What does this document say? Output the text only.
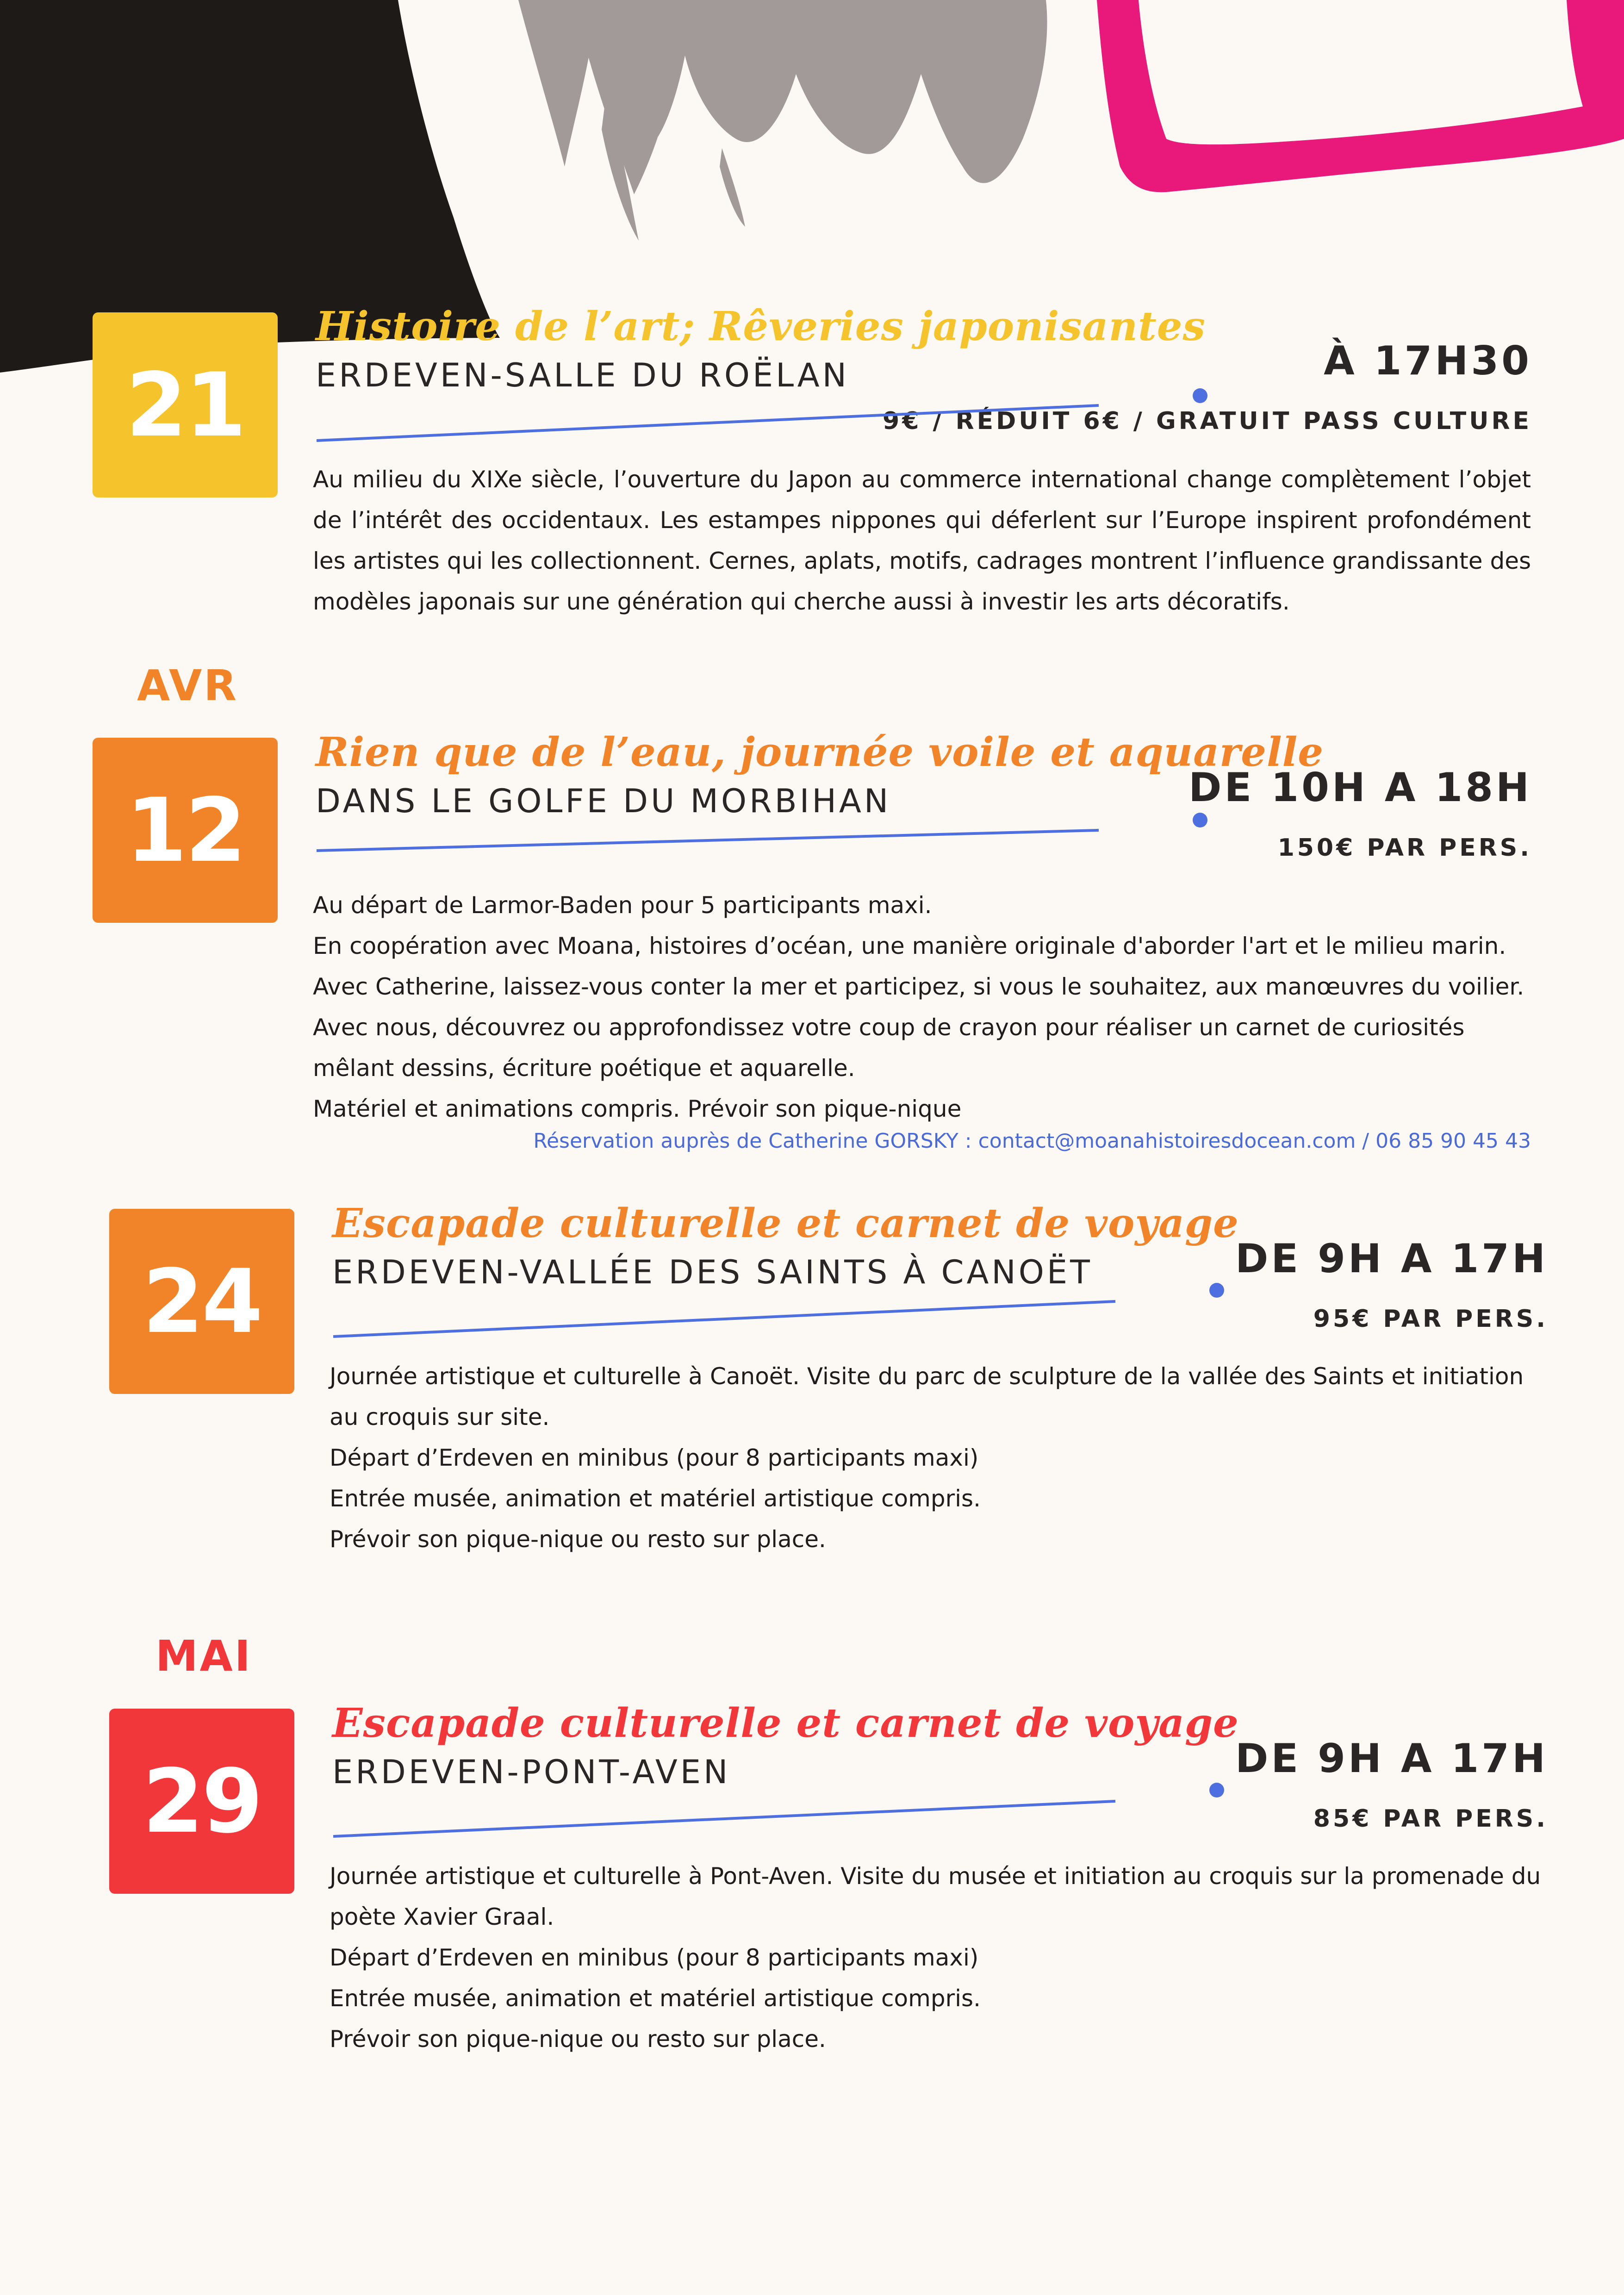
AVR
MAI
21
Histoire de l’art; Rêveries japonisantes
ERDEVEN-SALLE DU ROËLAN	À 17H30
9€ / RÉDUIT 6€ / GRATUIT PASS CULTURE

Au milieu du XIXe siècle, l’ouverture du Japon au commerce international change complètement l’objet de l’intérêt des occidentaux. Les estampes nippones qui déferlent sur l’Europe inspirent profondément les artistes qui les collectionnent. Cernes, aplats, motifs, cadrages montrent l’influence grandissante des modèles japonais sur une génération qui cherche aussi à investir les arts décoratifs.

12
Rien que de l’eau, journée voile et aquarelle
DANS LE GOLFE DU MORBIHAN	DE 10H A 18H
150€ PAR PERS.

Au départ de Larmor-Baden pour 5 participants maxi.

En coopération avec Moana, histoires d’océan, une manière originale d'aborder l'art et le milieu marin.

Avec Catherine, laissez-vous conter la mer et participez, si vous le souhaitez, aux manœuvres du voilier.

Avec nous, découvrez ou approfondissez votre coup de crayon pour réaliser un carnet de curiosités mêlant dessins, écriture poétique et aquarelle.

Matériel et animations compris. Prévoir son pique-nique

Réservation auprès de Catherine GORSKY : contact@moanahistoiresdocean.com / 06 85 90 45 43
24
Escapade culturelle et carnet de voyage
ERDEVEN-VALLÉE DES SAINTS À CANOËT	DE 9H A 17H
95€ PAR PERS.

Journée artistique et culturelle à Canoët. Visite du parc de sculpture de la vallée des Saints et initiation au croquis sur site.

Départ d’Erdeven en minibus (pour 8 participants maxi)

Entrée musée, animation et matériel artistique compris.

Prévoir son pique-nique ou resto sur place.

29
Escapade culturelle et carnet de voyage
ERDEVEN-PONT-AVEN	DE 9H A 17H
85€ PAR PERS.

Journée artistique et culturelle à Pont-Aven. Visite du musée et initiation au croquis sur la promenade du poète Xavier Graal.

Départ d’Erdeven en minibus (pour 8 participants maxi)

Entrée musée, animation et matériel artistique compris.

Prévoir son pique-nique ou resto sur place.
